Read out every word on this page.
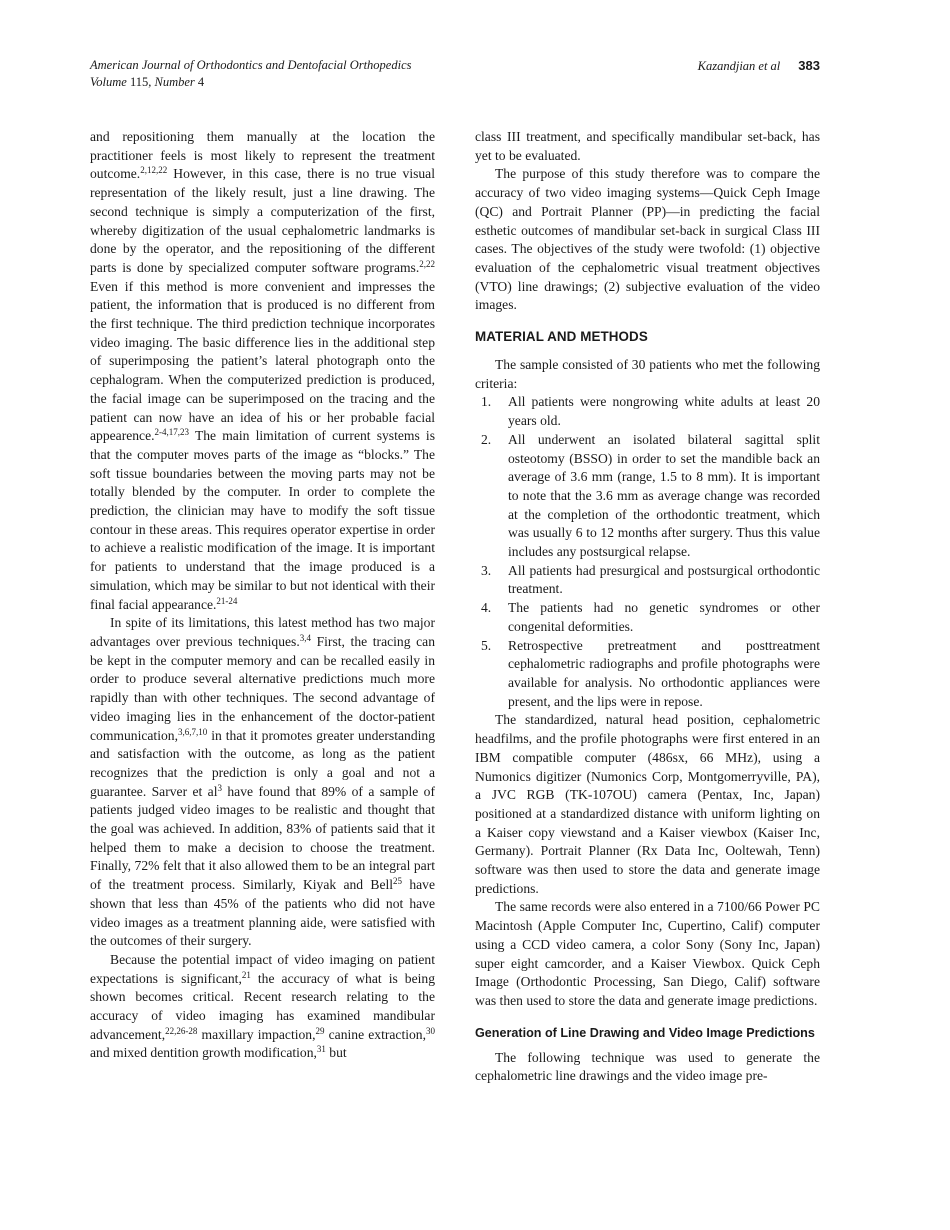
American Journal of Orthodontics and Dentofacial Orthopedics
Volume 115, Number 4
Kazandjian et al 383

and repositioning them manually at the location the practitioner feels is most likely to represent the treatment outcome.$^{2,12,22}$ However, in this case, there is no true visual representation of the likely result, just a line drawing. The second technique is simply a computerization of the first, whereby digitization of the usual cephalometric landmarks is done by the operator, and the repositioning of the different parts is done by specialized computer software programs.$^{2,22}$ Even if this method is more convenient and impresses the patient, the information that is produced is no different from the first technique. The third prediction technique incorporates video imaging. The basic difference lies in the additional step of superimposing the patient’s lateral photograph onto the cephalogram. When the computerized prediction is produced, the facial image can be superimposed on the tracing and the patient can now have an idea of his or her probable facial appearence.$^{2-4,17,23}$ The main limitation of current systems is that the computer moves parts of the image as “blocks.” The soft tissue boundaries between the moving parts may not be totally blended by the computer. In order to complete the prediction, the clinician may have to modify the soft tissue contour in these areas. This requires operator expertise in order to achieve a realistic modification of the image. It is important for patients to understand that the image produced is a simulation, which may be similar to but not identical with their final facial appearance.$^{21-24}$

In spite of its limitations, this latest method has two major advantages over previous techniques.$^{3,4}$ First, the tracing can be kept in the computer memory and can be recalled easily in order to produce several alternative predictions much more rapidly than with other techniques. The second advantage of video imaging lies in the enhancement of the doctor-patient communication,$^{3,6,7,10}$ in that it promotes greater understanding and satisfaction with the outcome, as long as the patient recognizes that the prediction is only a goal and not a guarantee. Sarver et $al^3$ have found that 89% of a sample of patients judged video images to be realistic and thought that the goal was achieved. In addition, 83% of patients said that it helped them to make a decision to choose the treatment. Finally, 72% felt that it also allowed them to be an integral part of the treatment process. Similarly, Kiyak and Bell$^{25}$ have shown that less than 45% of the patients who did not have video images as a treatment planning aide, were satisfied with the outcomes of their surgery.

Because the potential impact of video imaging on patient expectations is significant,$^{21}$ the accuracy of what is being shown becomes critical. Recent research relating to the accuracy of video imaging has examined mandibular advancement,$^{22,26-28}$ maxillary impaction,$^{29}$ canine extraction,$^{30}$ and mixed dentition growth modification,$^{31}$ but

class III treatment, and specifically mandibular set-back, has yet to be evaluated.

The purpose of this study therefore was to compare the accuracy of two video imaging systems—Quick Ceph Image (QC) and Portrait Planner (PP)—in predicting the facial esthetic outcomes of mandibular set-back in surgical Class III cases. The objectives of the study were twofold: (1) objective evaluation of the cephalometric visual treatment objectives (VTO) line drawings; (2) subjective evaluation of the video images.

MATERIAL AND METHODS

The sample consisted of 30 patients who met the following criteria:

1. All patients were nongrowing white adults at least 20 years old.
2. All underwent an isolated bilateral sagittal split osteotomy (BSSO) in order to set the mandible back an average of 3.6 mm (range, 1.5 to 8 mm). It is important to note that the 3.6 mm as average change was recorded at the completion of the orthodontic treatment, which was usually 6 to 12 months after surgery. Thus this value includes any postsurgical relapse.
3. All patients had presurgical and postsurgical orthodontic treatment.
4. The patients had no genetic syndromes or other congenital deformities.
5. Retrospective pretreatment and posttreatment cephalometric radiographs and profile photographs were available for analysis. No orthodontic appliances were present, and the lips were in repose.

The standardized, natural head position, cephalometric headfilms, and the profile photographs were first entered in an IBM compatible computer (486sx, 66 MHz), using a Numonics digitizer (Numonics Corp, Montgomerryville, PA), a JVC RGB (TK-107OU) camera (Pentax, Inc, Japan) positioned at a standardized distance with uniform lighting on a Kaiser copy viewstand and a Kaiser viewbox (Kaiser Inc, Germany). Portrait Planner (Rx Data Inc, Ooltewah, Tenn) software was then used to store the data and generate image predictions.

The same records were also entered in a 7100/66 Power PC Macintosh (Apple Computer Inc, Cupertino, Calif) computer using a CCD video camera, a color Sony (Sony Inc, Japan) super eight camcorder, and a Kaiser Viewbox. Quick Ceph Image (Orthodontic Processing, San Diego, Calif) software was then used to store the data and generate image predictions.

Generation of Line Drawing and Video Image Predictions

The following technique was used to generate the cephalometric line drawings and the video image pre-
